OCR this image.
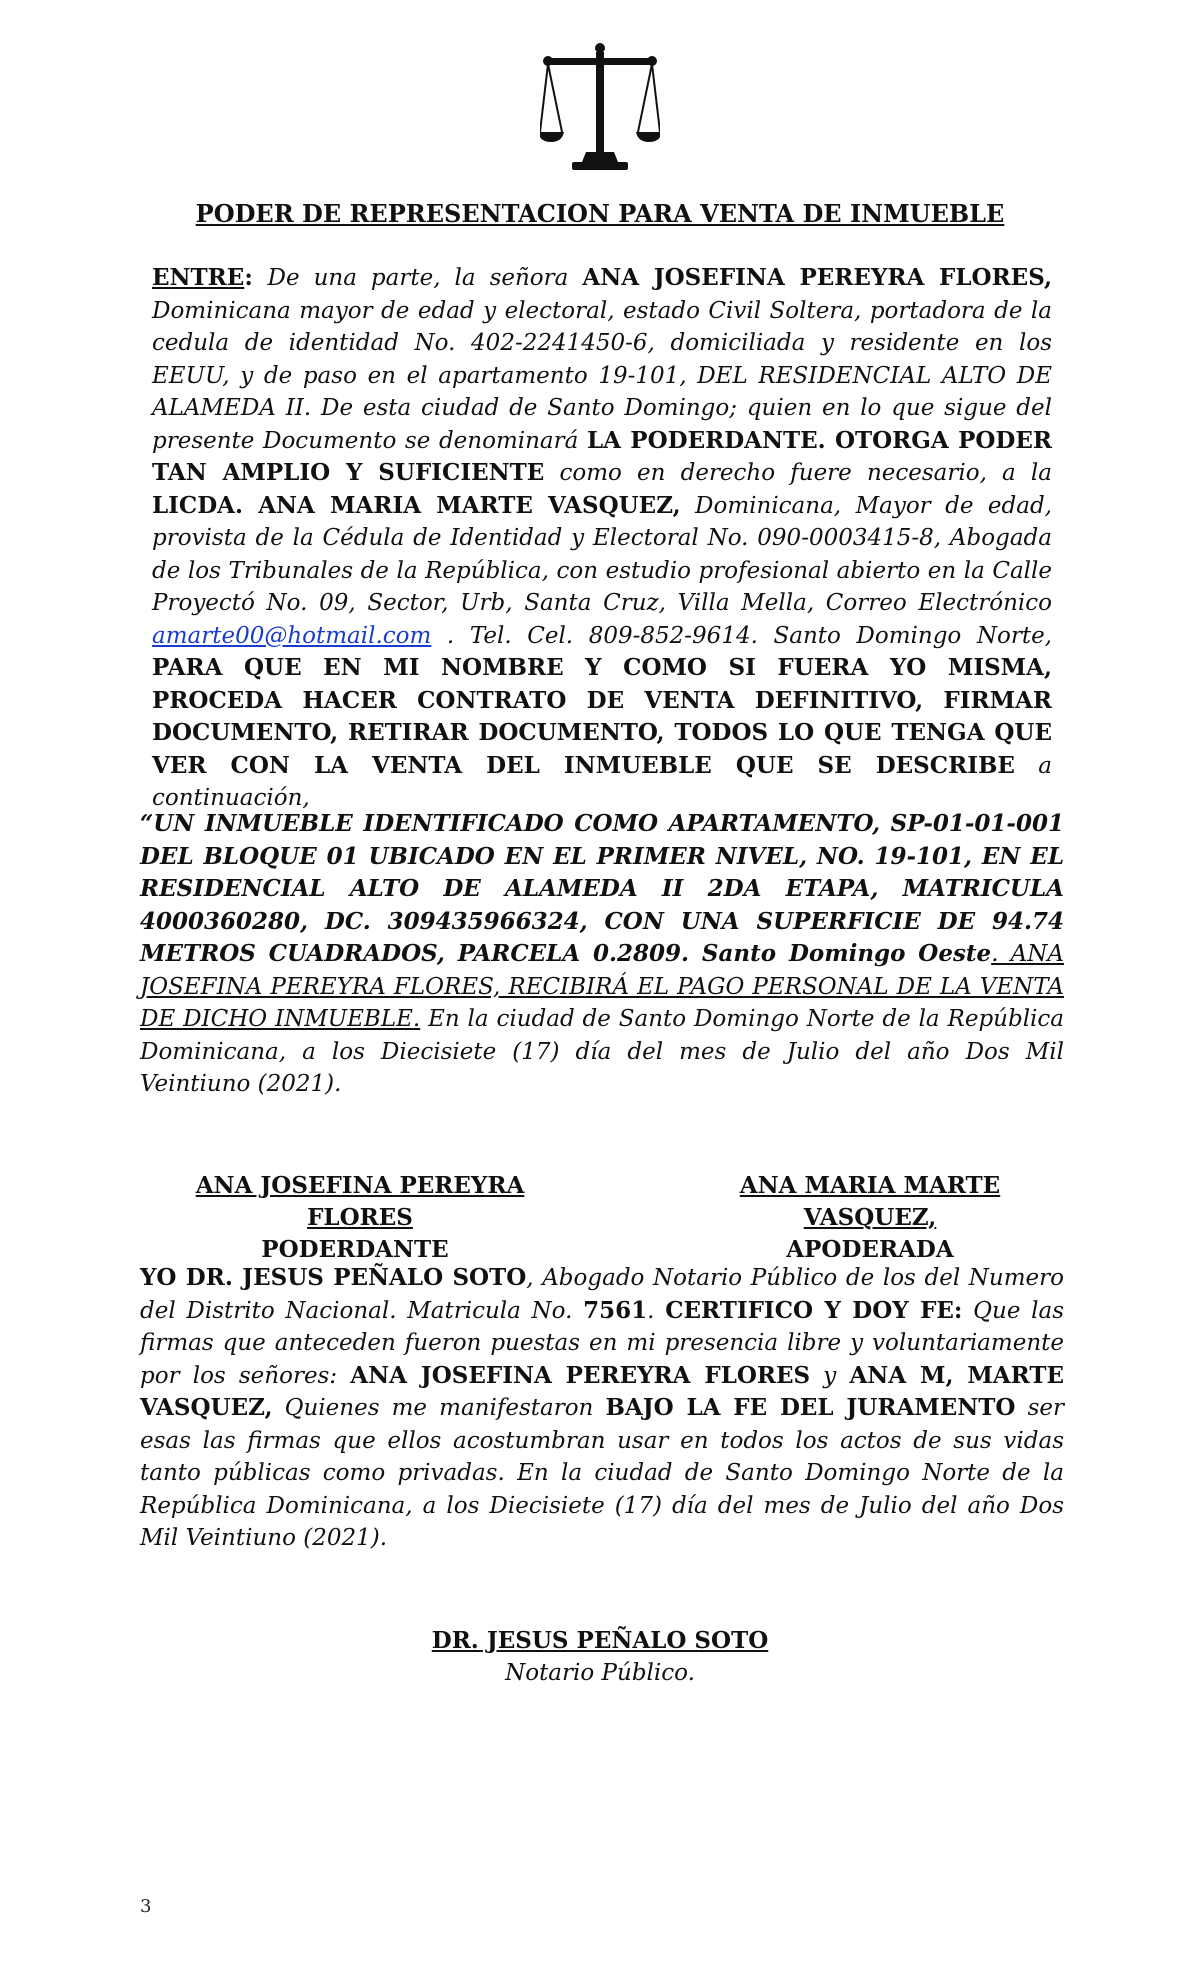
PODER DE REPRESENTACION PARA VENTA DE INMUEBLE
ENTRE: De una parte, la señora ANA JOSEFINA PEREYRA FLORES, Dominicana mayor de edad y electoral, estado Civil Soltera, portadora de la cedula de identidad No. 402-2241450-6, domiciliada y residente en los EEUU, y de paso en el apartamento 19-101, DEL RESIDENCIAL ALTO DE ALAMEDA II. De esta ciudad de Santo Domingo; quien en lo que sigue del presente Documento se denominará LA PODERDANTE. OTORGA PODER TAN AMPLIO Y SUFICIENTE como en derecho fuere necesario, a la LICDA. ANA MARIA MARTE VASQUEZ, Dominicana, Mayor de edad, provista de la Cédula de Identidad y Electoral No. 090-0003415-8, Abogada de los Tribunales de la República, con estudio profesional abierto en la Calle Proyectó No. 09, Sector, Urb, Santa Cruz, Villa Mella, Correo Electrónico amarte00@hotmail.com . Tel. Cel. 809-852-9614. Santo Domingo Norte, PARA QUE EN MI NOMBRE Y COMO SI FUERA YO MISMA, PROCEDA HACER CONTRATO DE VENTA DEFINITIVO, FIRMAR DOCUMENTO, RETIRAR DOCUMENTO, TODOS LO QUE TENGA QUE VER CON LA VENTA DEL INMUEBLE QUE SE DESCRIBE a continuación,
“UN INMUEBLE IDENTIFICADO COMO APARTAMENTO, SP-01-01-001 DEL BLOQUE 01 UBICADO EN EL PRIMER NIVEL, NO. 19-101, EN EL RESIDENCIAL ALTO DE ALAMEDA II 2DA ETAPA, MATRICULA 4000360280, DC. 309435966324, CON UNA SUPERFICIE DE 94.74 METROS CUADRADOS, PARCELA 0.2809. Santo Domingo Oeste. ANA JOSEFINA PEREYRA FLORES, RECIBIRÁ EL PAGO PERSONAL DE LA VENTA DE DICHO INMUEBLE. En la ciudad de Santo Domingo Norte de la República Dominicana, a los Diecisiete (17) día del mes de Julio del año Dos Mil Veintiuno (2021).
ANA JOSEFINA PEREYRA FLORES
PODERDANTE
ANA MARIA MARTE VASQUEZ,
APODERADA
YO DR. JESUS PEÑALO SOTO, Abogado Notario Público de los del Numero del Distrito Nacional. Matricula No. 7561. CERTIFICO Y DOY FE: Que las firmas que anteceden fueron puestas en mi presencia libre y voluntariamente por los señores: ANA JOSEFINA PEREYRA FLORES y ANA M, MARTE VASQUEZ, Quienes me manifestaron BAJO LA FE DEL JURAMENTO ser esas las firmas que ellos acostumbran usar en todos los actos de sus vidas tanto públicas como privadas. En la ciudad de Santo Domingo Norte de la República Dominicana, a los Diecisiete (17) día del mes de Julio del año Dos Mil Veintiuno (2021).
DR. JESUS PEÑALO SOTO
Notario Público.
3
